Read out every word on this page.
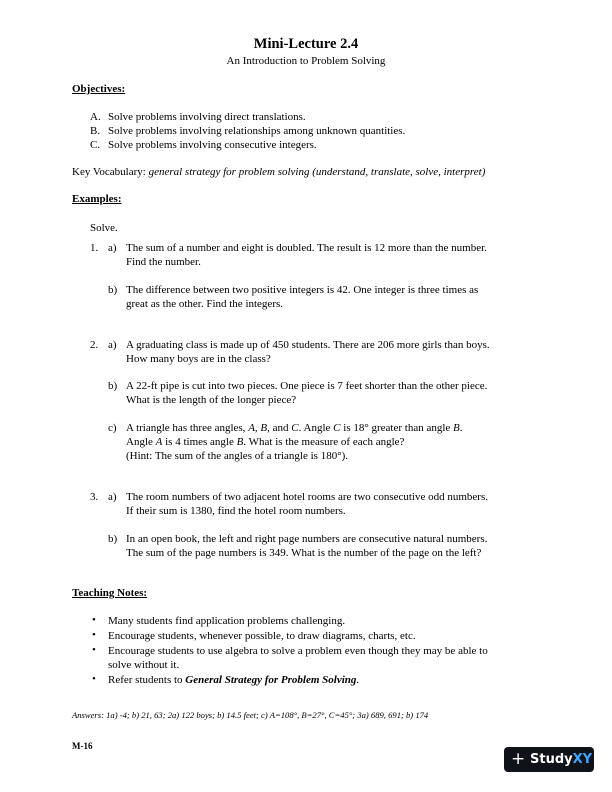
Mini-Lecture 2.4
An Introduction to Problem Solving
Objectives:
A. Solve problems involving direct translations.
B. Solve problems involving relationships among unknown quantities.
C. Solve problems involving consecutive integers.
Key Vocabulary: general strategy for problem solving (understand, translate, solve, interpret)
Examples:
Solve.
1. a) The sum of a number and eight is doubled. The result is 12 more than the number.
Find the number.
b) The difference between two positive integers is 42. One integer is three times as
great as the other. Find the integers.
2. a) A graduating class is made up of 450 students. There are 206 more girls than boys.
How many boys are in the class?
b) A 22-ft pipe is cut into two pieces. One piece is 7 feet shorter than the other piece.
What is the length of the longer piece?
c) A triangle has three angles, A, B, and C. Angle C is 18° greater than angle B.
Angle A is 4 times angle B. What is the measure of each angle?
(Hint: The sum of the angles of a triangle is 180°).
3. a) The room numbers of two adjacent hotel rooms are two consecutive odd numbers.
If their sum is 1380, find the hotel room numbers.
b) In an open book, the left and right page numbers are consecutive natural numbers.
The sum of the page numbers is 349. What is the number of the page on the left?
Teaching Notes:
• Many students find application problems challenging.
• Encourage students, whenever possible, to draw diagrams, charts, etc.
• Encourage students to use algebra to solve a problem even though they may be able to
solve without it.
• Refer students to General Strategy for Problem Solving.
Answers: 1a) -4; b) 21, 63; 2a) 122 boys; b) 14.5 feet; c) A=108°, B=27°, C=45°; 3a) 689, 691; b) 174
M-16
+ StudyXY
